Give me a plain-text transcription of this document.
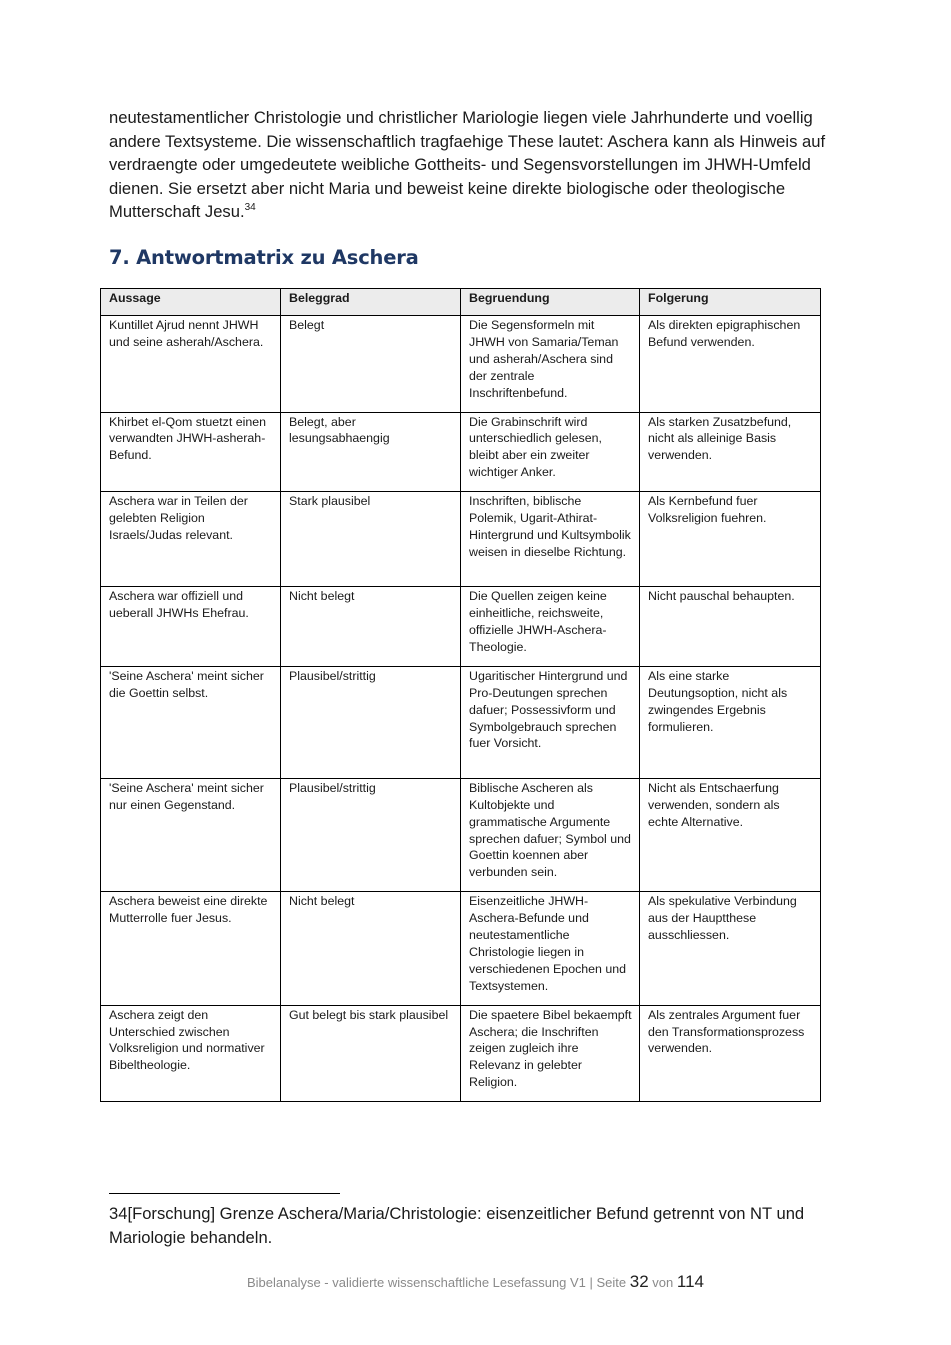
neutestamentlicher Christologie und christlicher Mariologie liegen viele Jahrhunderte und voellig andere Textsysteme. Die wissenschaftlich tragfaehige These lautet: Aschera kann als Hinweis auf verdraengte oder umgedeutete weibliche Gottheits- und Segensvorstellungen im JHWH-Umfeld dienen. Sie ersetzt aber nicht Maria und beweist keine direkte biologische oder theologische Mutterschaft Jesu.$^{34}$

7. Antwortmatrix zu Aschera
Aussage	Beleggrad	Begruendung	Folgerung
Kuntillet Ajrud nennt JHWH und seine asherah/Aschera.	Belegt	Die Segensformeln mit JHWH von Samaria/Teman und asherah/Aschera sind der zentrale Inschriftenbefund.	Als direkten epigraphischen Befund verwenden.
Khirbet el-Qom stuetzt einen verwandten JHWH-asherah-Befund.	Belegt, aber lesungsabhaengig	Die Grabinschrift wird unterschiedlich gelesen, bleibt aber ein zweiter wichtiger Anker.	Als starken Zusatzbefund, nicht als alleinige Basis verwenden.
Aschera war in Teilen der gelebten Religion Israels/Judas relevant.	Stark plausibel	Inschriften, biblische Polemik, Ugarit-Athirat-Hintergrund und Kultsymbolik weisen in dieselbe Richtung.	Als Kernbefund fuer Volksreligion fuehren.
Aschera war offiziell und ueberall JHWHs Ehefrau.	Nicht belegt	Die Quellen zeigen keine einheitliche, reichsweite, offizielle JHWH-Aschera-Theologie.	Nicht pauschal behaupten.
'Seine Aschera' meint sicher die Goettin selbst.	Plausibel/strittig	Ugaritischer Hintergrund und Pro-Deutungen sprechen dafuer; Possessivform und Symbolgebrauch sprechen fuer Vorsicht.	Als eine starke Deutungsoption, nicht als zwingendes Ergebnis formulieren.
'Seine Aschera' meint sicher nur einen Gegenstand.	Plausibel/strittig	Biblische Ascheren als Kultobjekte und grammatische Argumente sprechen dafuer; Symbol und Goettin koennen aber verbunden sein.	Nicht als Entschaerfung verwenden, sondern als echte Alternative.
Aschera beweist eine direkte Mutterrolle fuer Jesus.	Nicht belegt	Eisenzeitliche JHWH-Aschera-Befunde und neutestamentliche Christologie liegen in verschiedenen Epochen und Textsystemen.	Als spekulative Verbindung aus der Hauptthese ausschliessen.
Aschera zeigt den Unterschied zwischen Volksreligion und normativer Bibeltheologie.	Gut belegt bis stark plausibel	Die spaetere Bibel bekaempft Aschera; die Inschriften zeigen zugleich ihre Relevanz in gelebter Religion.	Als zentrales Argument fuer den Transformationsprozess verwenden.

34[Forschung] Grenze Aschera/Maria/Christologie: eisenzeitlicher Befund getrennt von NT und Mariologie behandeln.

Bibelanalyse - validierte wissenschaftliche Lesefassung V1 | Seite 32 von 114
